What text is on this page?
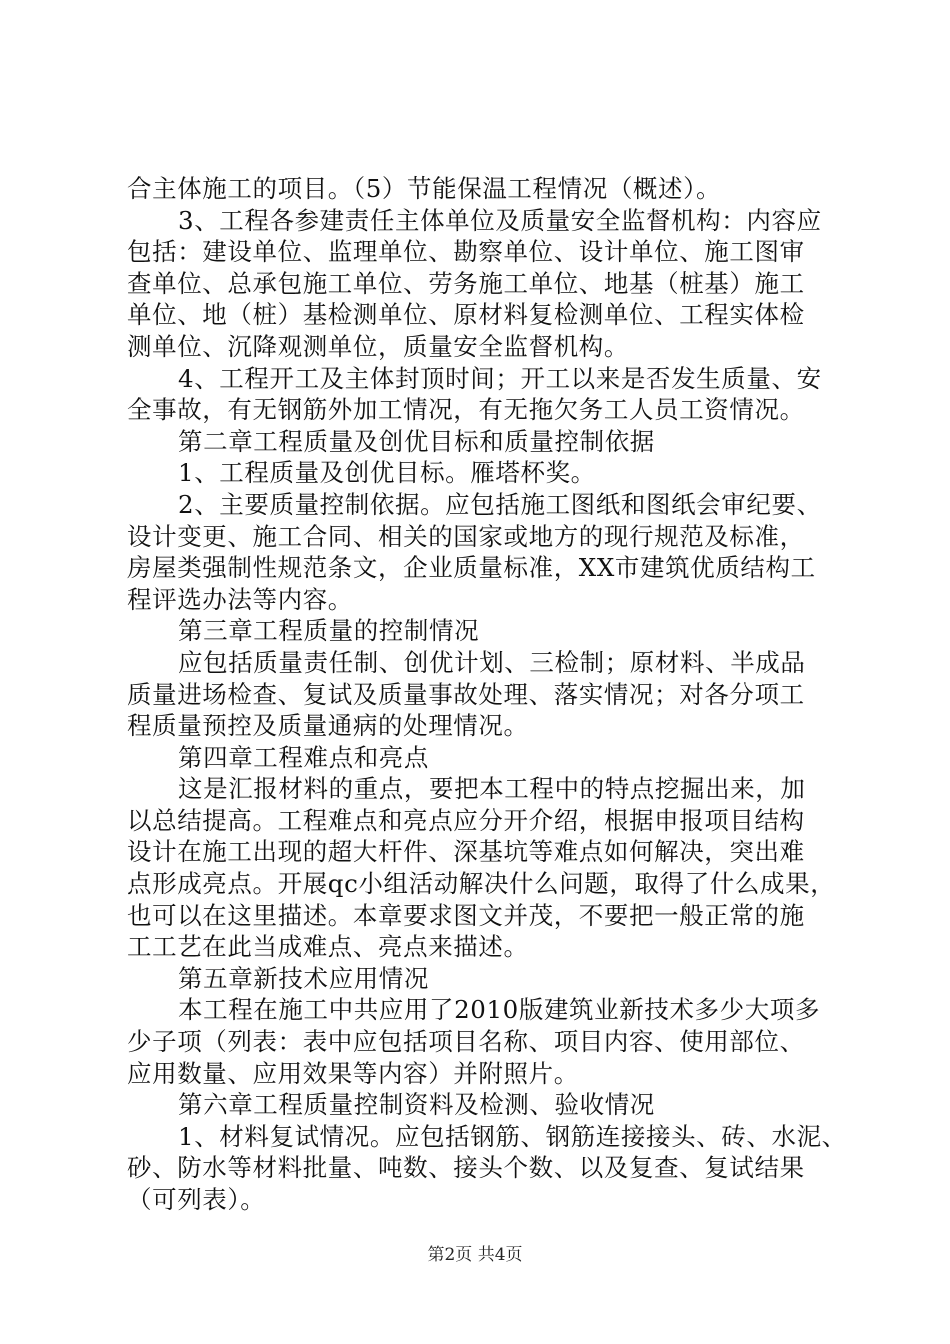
合主体施工的项目。（5）节能保温工程情况（概述）。
3、工程各参建责任主体单位及质量安全监督机构：内容应
包括：建设单位、监理单位、勘察单位、设计单位、施工图审
查单位、总承包施工单位、劳务施工单位、地基（桩基）施工
单位、地（桩）基检测单位、原材料复检测单位、工程实体检
测单位、沉降观测单位，质量安全监督机构。
4、工程开工及主体封顶时间；开工以来是否发生质量、安
全事故，有无钢筋外加工情况，有无拖欠务工人员工资情况。
第二章工程质量及创优目标和质量控制依据
1、工程质量及创优目标。雁塔杯奖。
2、主要质量控制依据。应包括施工图纸和图纸会审纪要、
设计变更、施工合同、相关的国家或地方的现行规范及标准，
房屋类强制性规范条文，企业质量标准，XX市建筑优质结构工
程评选办法等内容。
第三章工程质量的控制情况
应包括质量责任制、创优计划、三检制；原材料、半成品
质量进场检查、复试及质量事故处理、落实情况；对各分项工
程质量预控及质量通病的处理情况。
第四章工程难点和亮点
这是汇报材料的重点，要把本工程中的特点挖掘出来，加
以总结提高。工程难点和亮点应分开介绍，根据申报项目结构
设计在施工出现的超大杆件、深基坑等难点如何解决，突出难
点形成亮点。开展qc小组活动解决什么问题，取得了什么成果，
也可以在这里描述。本章要求图文并茂，不要把一般正常的施
工工艺在此当成难点、亮点来描述。
第五章新技术应用情况
本工程在施工中共应用了2010版建筑业新技术多少大项多
少子项（列表：表中应包括项目名称、项目内容、使用部位、
应用数量、应用效果等内容）并附照片。
第六章工程质量控制资料及检测、验收情况
1、材料复试情况。应包括钢筋、钢筋连接接头、砖、水泥、
砂、防水等材料批量、吨数、接头个数、以及复查、复试结果
（可列表）。
第2页 共4页
